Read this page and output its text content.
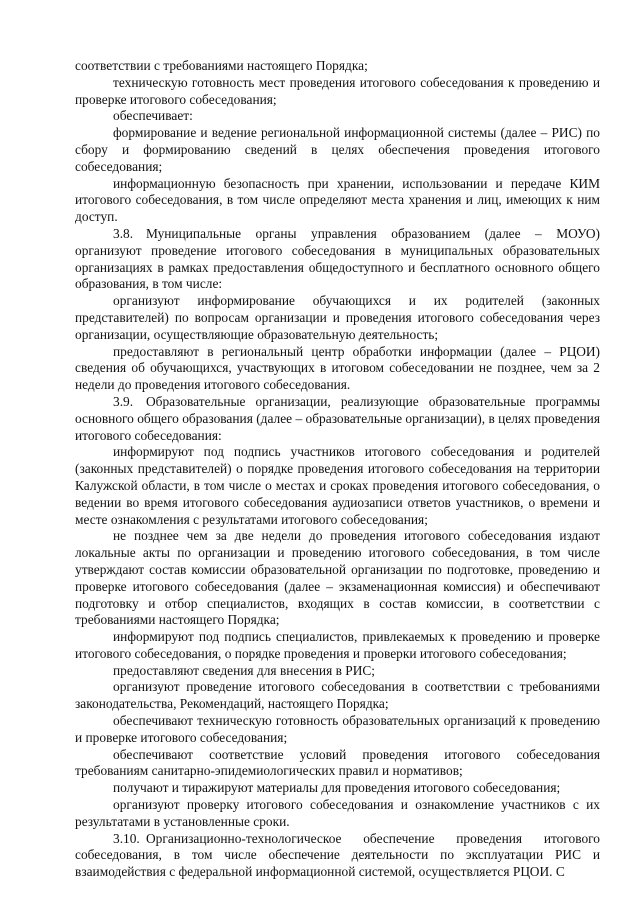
соответствии с требованиями настоящего Порядка;

техническую готовность мест проведения итогового собеседования к проведению и проверке итогового собеседования;

обеспечивает:

формирование и ведение региональной информационной системы (далее – РИС) по сбору и формированию сведений в целях обеспечения проведения итогового собеседования;

информационную безопасность при хранении, использовании и передаче КИМ итогового собеседования, в том числе определяют места хранения и лиц, имеющих к ним доступ.

3.8. Муниципальные органы управления образованием (далее – МОУО) организуют проведение итогового собеседования в муниципальных образовательных организациях в рамках предоставления общедоступного и бесплатного основного общего образования, в том числе:

организуют информирование обучающихся и их родителей (законных представителей) по вопросам организации и проведения итогового собеседования через организации, осуществляющие образовательную деятельность;

предоставляют в региональный центр обработки информации (далее – РЦОИ) сведения об обучающихся, участвующих в итоговом собеседовании не позднее, чем за 2 недели до проведения итогового собеседования.

3.9. Образовательные организации, реализующие образовательные программы основного общего образования (далее – образовательные организации), в целях проведения итогового собеседования:

информируют под подпись участников итогового собеседования и родителей (законных представителей) о порядке проведения итогового собеседования на территории Калужской области, в том числе о местах и сроках проведения итогового собеседования, о ведении во время итогового собеседования аудиозаписи ответов участников, о времени и месте ознакомления с результатами итогового собеседования;

не позднее чем за две недели до проведения итогового собеседования издают локальные акты по организации и проведению итогового собеседования, в том числе утверждают состав комиссии образовательной организации по подготовке, проведению и проверке итогового собеседования (далее – экзаменационная комиссия) и обеспечивают подготовку и отбор специалистов, входящих в состав комиссии, в соответствии с требованиями настоящего Порядка;

информируют под подпись специалистов, привлекаемых к проведению и проверке итогового собеседования, о порядке проведения и проверки итогового собеседования;

предоставляют сведения для внесения в РИС;

организуют проведение итогового собеседования в соответствии с требованиями законодательства, Рекомендаций, настоящего Порядка;

обеспечивают техническую готовность образовательных организаций к проведению и проверке итогового собеседования;

обеспечивают соответствие условий проведения итогового собеседования требованиям санитарно-эпидемиологических правил и нормативов;

получают и тиражируют материалы для проведения итогового собеседования;

организуют проверку итогового собеседования и ознакомление участников с их результатами в установленные сроки.

3.10. Организационно-технологическое обеспечение проведения итогового собеседования, в том числе обеспечение деятельности по эксплуатации РИС и взаимодействия с федеральной информационной системой, осуществляется РЦОИ. С
